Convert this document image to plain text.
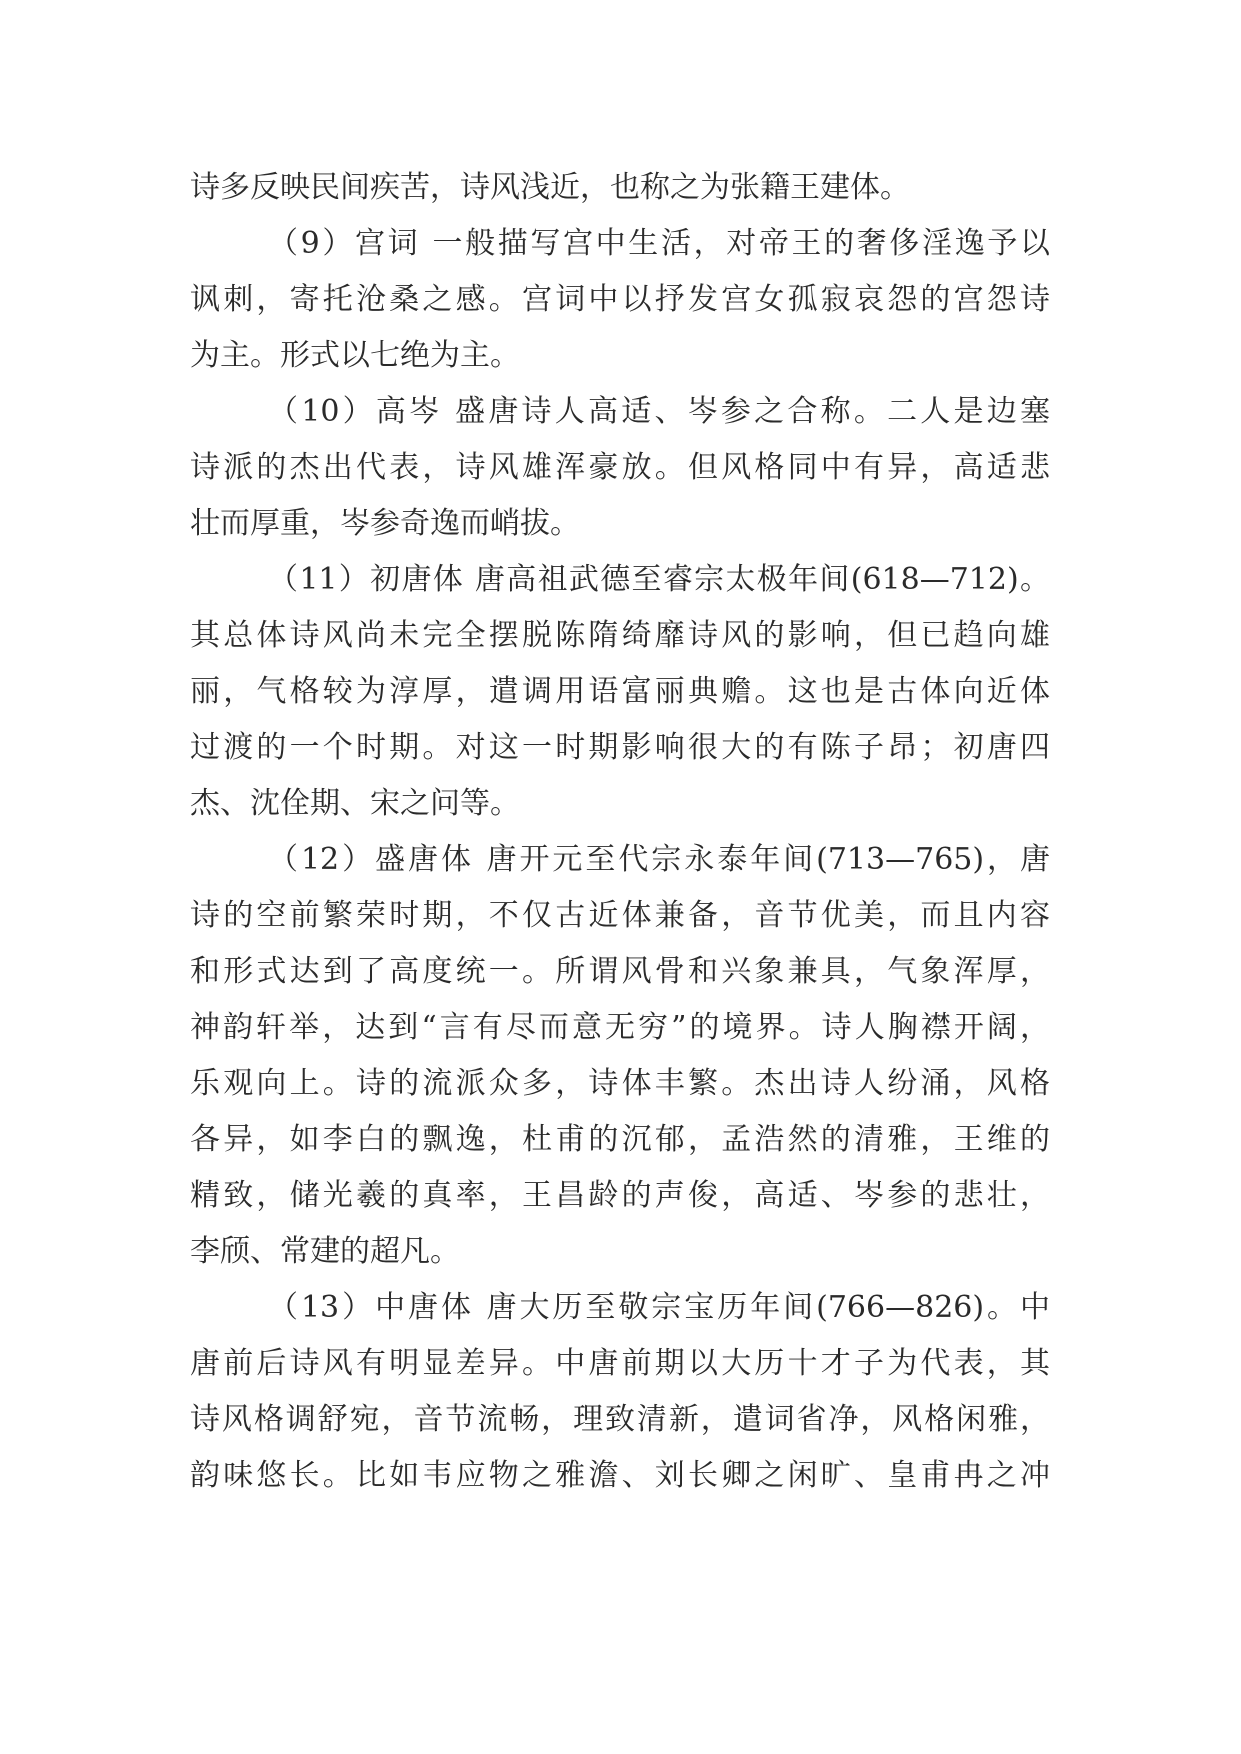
诗多反映民间疾苦，诗风浅近，也称之为张籍王建体。
（9）宫词 一般描写宫中生活，对帝王的奢侈淫逸予以
讽刺，寄托沧桑之感。宫词中以抒发宫女孤寂哀怨的宫怨诗
为主。形式以七绝为主。
（10）高岑 盛唐诗人高适、岑参之合称。二人是边塞
诗派的杰出代表，诗风雄浑豪放。但风格同中有异，高适悲
壮而厚重，岑参奇逸而峭拔。
（11）初唐体 唐高祖武德至睿宗太极年间(618—712)。
其总体诗风尚未完全摆脱陈隋绮靡诗风的影响，但已趋向雄
丽，气格较为淳厚，遣调用语富丽典赡。这也是古体向近体
过渡的一个时期。对这一时期影响很大的有陈子昂；初唐四
杰、沈佺期、宋之问等。
（12）盛唐体 唐开元至代宗永泰年间(713—765)，唐
诗的空前繁荣时期，不仅古近体兼备，音节优美，而且内容
和形式达到了高度统一。所谓风骨和兴象兼具，气象浑厚，
神韵轩举，达到“言有尽而意无穷”的境界。诗人胸襟开阔，
乐观向上。诗的流派众多，诗体丰繁。杰出诗人纷涌，风格
各异，如李白的飘逸，杜甫的沉郁，孟浩然的清雅，王维的
精致，储光羲的真率，王昌龄的声俊，高适、岑参的悲壮，
李颀、常建的超凡。
（13）中唐体 唐大历至敬宗宝历年间(766—826)。中
唐前后诗风有明显差异。中唐前期以大历十才子为代表，其
诗风格调舒宛，音节流畅，理致清新，遣词省净，风格闲雅，
韵味悠长。比如韦应物之雅澹、刘长卿之闲旷、皇甫冉之冲
